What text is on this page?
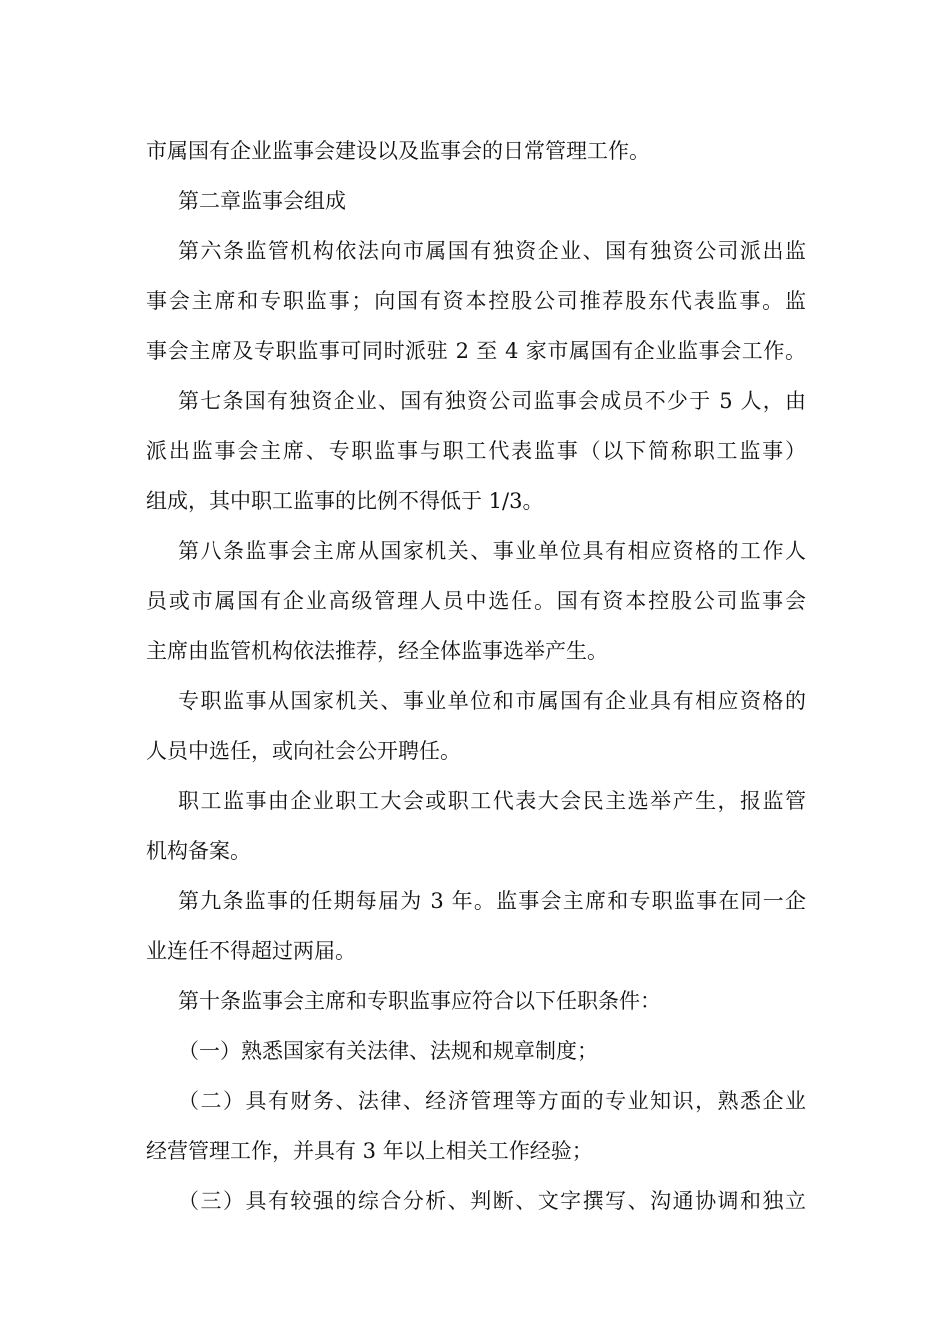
市属国有企业监事会建设以及监事会的日常管理工作。
第二章监事会组成
第六条监管机构依法向市属国有独资企业、国有独资公司派出监
事会主席和专职监事；向国有资本控股公司推荐股东代表监事。监
事会主席及专职监事可同时派驻 2 至 4 家市属国有企业监事会工作。
第七条国有独资企业、国有独资公司监事会成员不少于 5 人，由
派出监事会主席、专职监事与职工代表监事（以下简称职工监事）
组成，其中职工监事的比例不得低于 1/3。
第八条监事会主席从国家机关、事业单位具有相应资格的工作人
员或市属国有企业高级管理人员中选任。国有资本控股公司监事会
主席由监管机构依法推荐，经全体监事选举产生。
专职监事从国家机关、事业单位和市属国有企业具有相应资格的
人员中选任，或向社会公开聘任。
职工监事由企业职工大会或职工代表大会民主选举产生，报监管
机构备案。
第九条监事的任期每届为 3 年。监事会主席和专职监事在同一企
业连任不得超过两届。
第十条监事会主席和专职监事应符合以下任职条件：
（一）熟悉国家有关法律、法规和规章制度；
（二）具有财务、法律、经济管理等方面的专业知识，熟悉企业
经营管理工作，并具有 3 年以上相关工作经验；
（三）具有较强的综合分析、判断、文字撰写、沟通协调和独立
